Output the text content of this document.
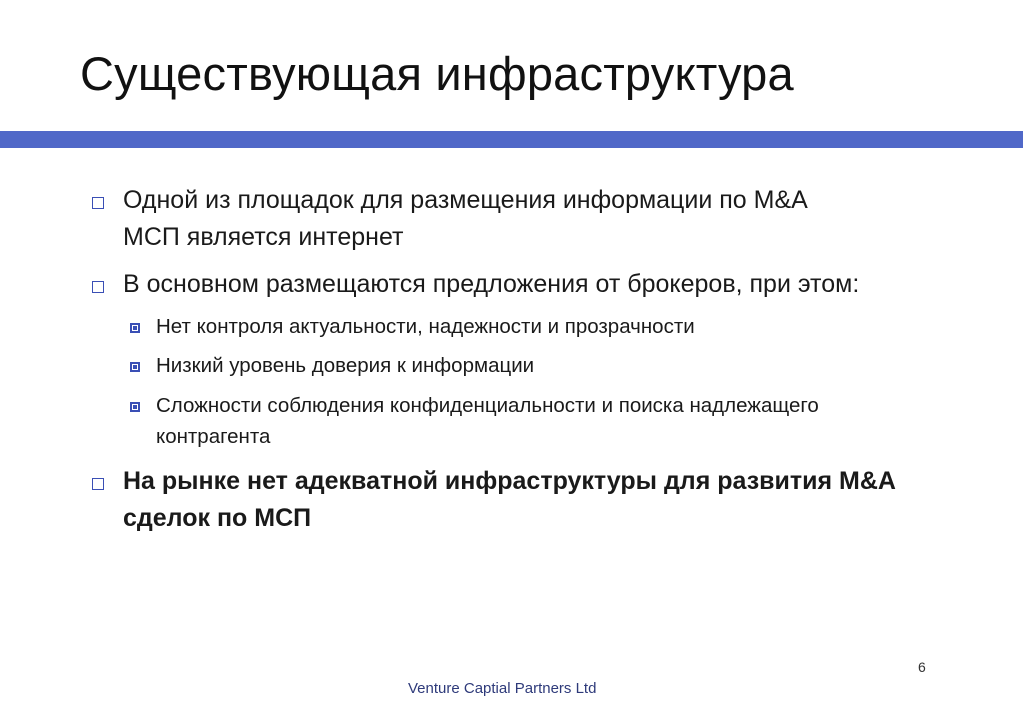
Существующая инфраструктура
Одной из площадок для размещения информации по M&A
МСП является интернет
В основном размещаются предложения от брокеров, при этом:
Нет контроля актуальности, надежности и прозрачности
Низкий уровень доверия к информации
Сложности соблюдения конфиденциальности и поиска надлежащего
контрагента
На рынке нет адекватной инфраструктуры для развития M&A
сделок по МСП
6
Venture Captial Partners Ltd
